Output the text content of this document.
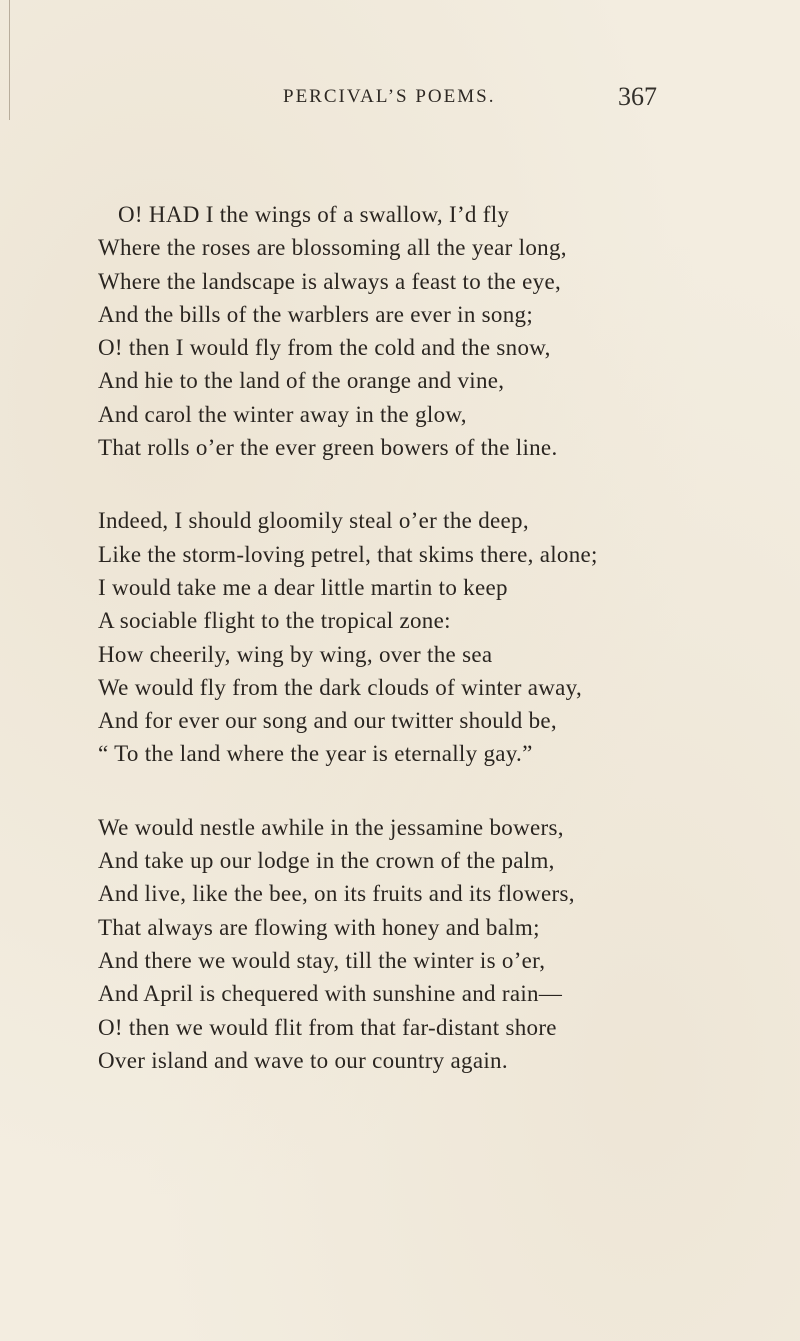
PERCIVAL’S POEMS.	367
O! HAD I the wings of a swallow, I’d fly
Where the roses are blossoming all the year long,
Where the landscape is always a feast to the eye,
And the bills of the warblers are ever in song;
O! then I would fly from the cold and the snow,
And hie to the land of the orange and vine,
And carol the winter away in the glow,
That rolls o’er the ever green bowers of the line.
Indeed, I should gloomily steal o’er the deep,
Like the storm-loving petrel, that skims there, alone;
I would take me a dear little martin to keep
A sociable flight to the tropical zone:
How cheerily, wing by wing, over the sea
We would fly from the dark clouds of winter away,
And for ever our song and our twitter should be,
“ To the land where the year is eternally gay.”
We would nestle awhile in the jessamine bowers,
And take up our lodge in the crown of the palm,
And live, like the bee, on its fruits and its flowers,
That always are flowing with honey and balm;
And there we would stay, till the winter is o’er,
And April is chequered with sunshine and rain—
O! then we would flit from that far-distant shore
Over island and wave to our country again.
